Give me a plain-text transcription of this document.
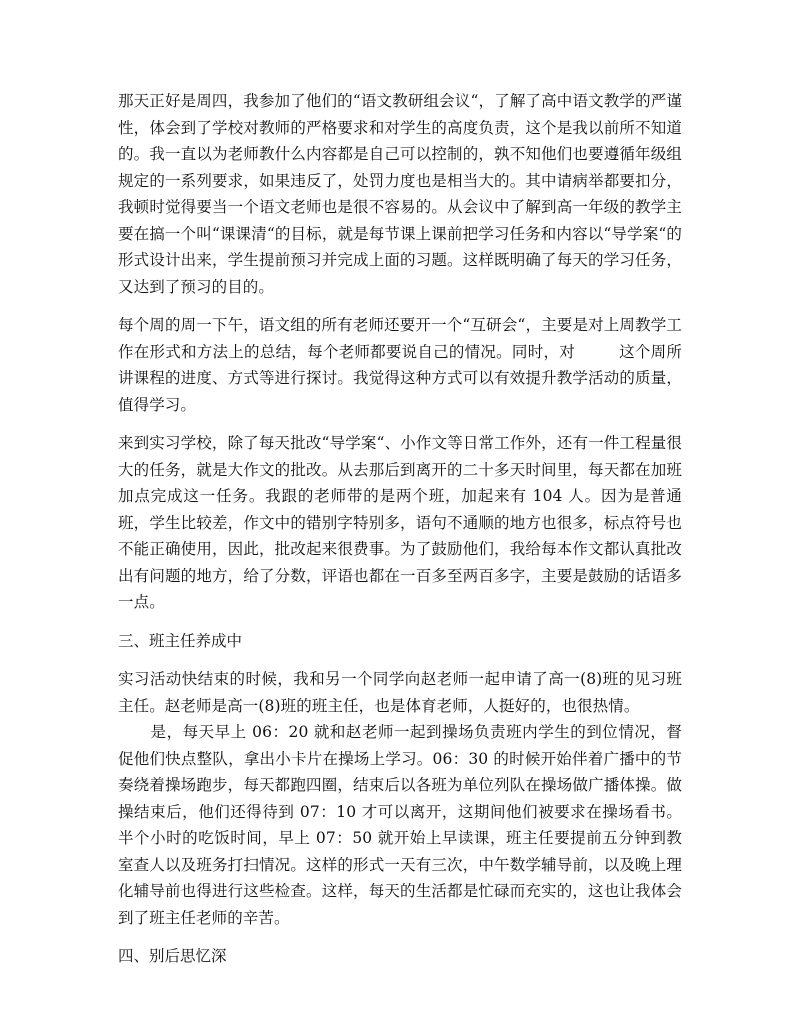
那天正好是周四，我参加了他们的“语文教研组会议“，了解了高中语文教学的严谨性，体会到了学校对教师的严格要求和对学生的高度负责，这个是我以前所不知道的。我一直以为老师教什么内容都是自己可以控制的，孰不知他们也要遵循年级组规定的一系列要求，如果违反了，处罚力度也是相当大的。其中请病举都要扣分，我顿时觉得要当一个语文老师也是很不容易的。从会议中了解到高一年级的教学主要在搞一个叫“课课清“的目标，就是每节课上课前把学习任务和内容以“导学案“的形式设计出来，学生提前预习并完成上面的习题。这样既明确了每天的学习任务，又达到了预习的目的。

每个周的周一下午，语文组的所有老师还要开一个“互研会“，主要是对上周教学工作在形式和方法上的总结，每个老师都要说自己的情况。同时，对	这个周所讲课程的进度、方式等进行探讨。我觉得这种方式可以有效提升教学活动的质量，值得学习。

来到实习学校，除了每天批改“导学案“、小作文等日常工作外，还有一件工程量很大的任务，就是大作文的批改。从去那后到离开的二十多天时间里，每天都在加班加点完成这一任务。我跟的老师带的是两个班，加起来有 104 人。因为是普通班，学生比较差，作文中的错别字特别多，语句不通顺的地方也很多，标点符号也不能正确使用，因此，批改起来很费事。为了鼓励他们，我给每本作文都认真批改出有问题的地方，给了分数，评语也都在一百多至两百多字，主要是鼓励的话语多一点。

三、班主任养成中

实习活动快结束的时候，我和另一个同学向赵老师一起申请了高一(8)班的见习班主任。赵老师是高一(8)班的班主任，也是体育老师，人挺好的，也很热情。

是，每天早上 06：20 就和赵老师一起到操场负责班内学生的到位情况，督促他们快点整队，拿出小卡片在操场上学习。06：30 的时候开始伴着广播中的节奏绕着操场跑步，每天都跑四圈，结束后以各班为单位列队在操场做广播体操。做操结束后，他们还得待到 07：10 才可以离开，这期间他们被要求在操场看书。半个小时的吃饭时间，早上 07：50 就开始上早读课，班主任要提前五分钟到教室查人以及班务打扫情况。这样的形式一天有三次，中午数学辅导前，以及晚上理化辅导前也得进行这些检查。这样，每天的生活都是忙碌而充实的，这也让我体会到了班主任老师的辛苦。

四、别后思忆深
